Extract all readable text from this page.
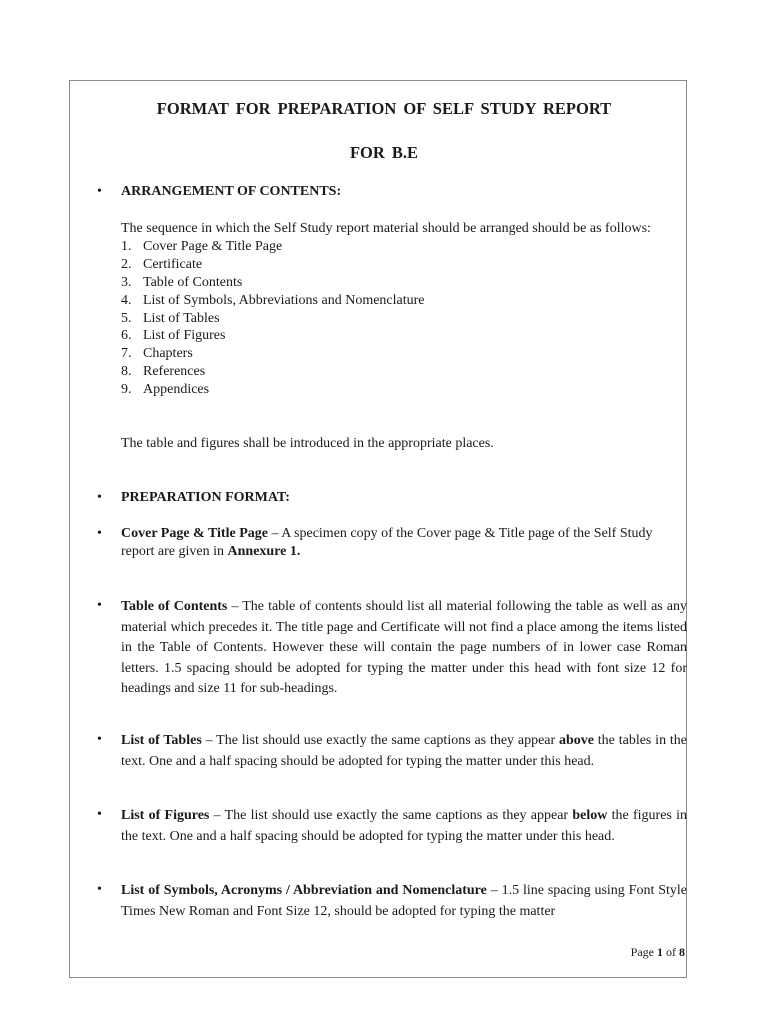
FORMAT FOR PREPARATION OF SELF STUDY REPORT
FOR B.E
• ARRANGEMENT OF CONTENTS:
The sequence in which the Self Study report material should be arranged should be as follows:
1. Cover Page & Title Page
2. Certificate
3. Table of Contents
4. List of Symbols, Abbreviations and Nomenclature
5. List of Tables
6. List of Figures
7. Chapters
8. References
9. Appendices
The table and figures shall be introduced in the appropriate places.
• PREPARATION FORMAT:
• Cover Page & Title Page – A specimen copy of the Cover page & Title page of the Self Study report are given in Annexure 1.
• Table of Contents – The table of contents should list all material following the table as well as any material which precedes it. The title page and Certificate will not find a place among the items listed in the Table of Contents. However these will contain the page numbers of in lower case Roman letters. 1.5 spacing should be adopted for typing the matter under this head with font size 12 for headings and size 11 for sub-headings.
• List of Tables – The list should use exactly the same captions as they appear above the tables in the text. One and a half spacing should be adopted for typing the matter under this head.
• List of Figures – The list should use exactly the same captions as they appear below the figures in the text. One and a half spacing should be adopted for typing the matter under this head.
• List of Symbols, Acronyms / Abbreviation and Nomenclature – 1.5 line spacing using Font Style Times New Roman and Font Size 12, should be adopted for typing the matter
Page 1 of 8
